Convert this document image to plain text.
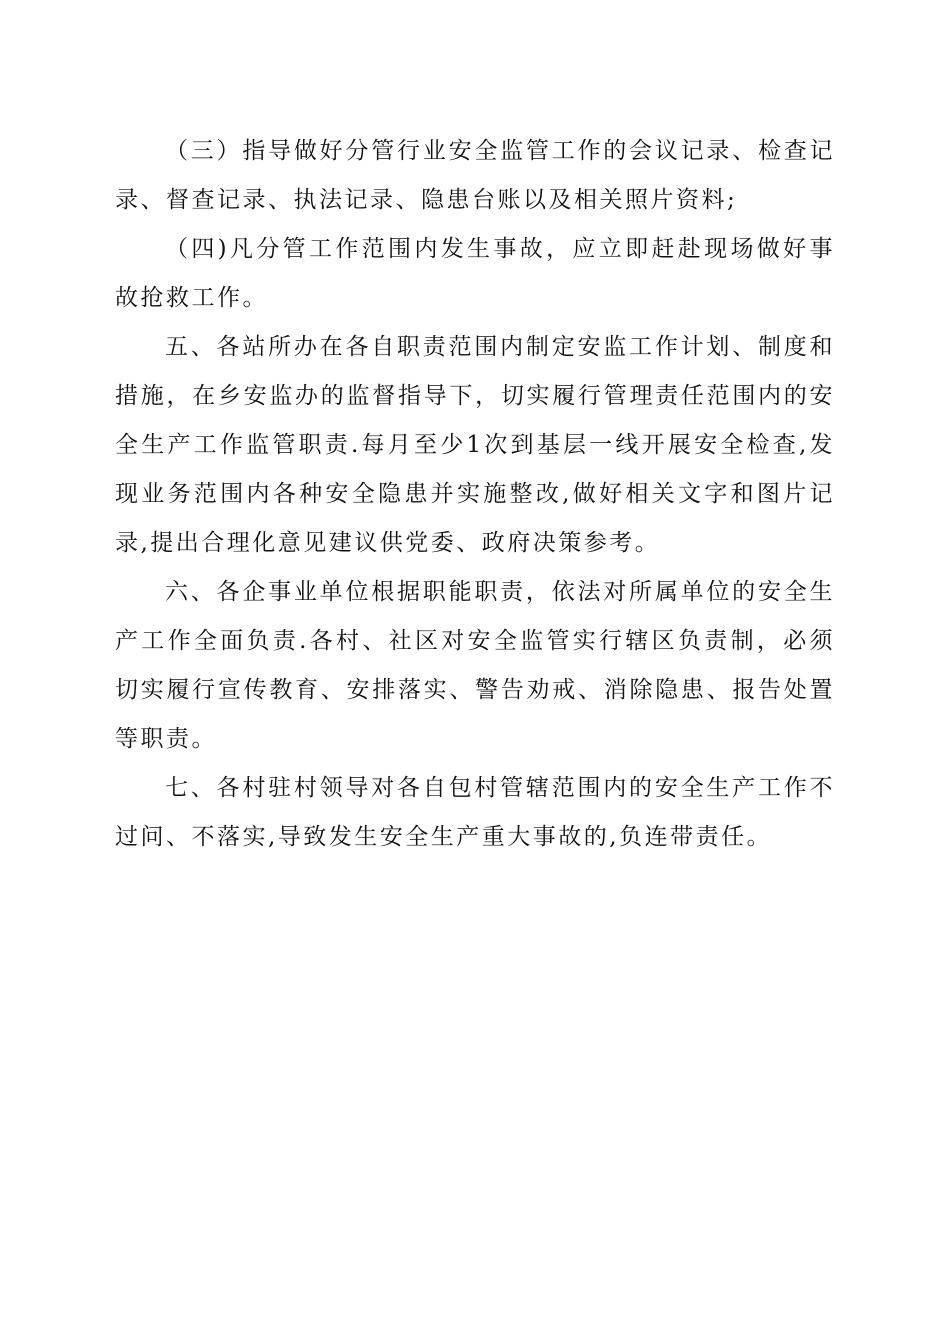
（三）指导做好分管行业安全监管工作的会议记录、检查记录、督查记录、执法记录、隐患台账以及相关照片资料;

（四)凡分管工作范围内发生事故，应立即赶赴现场做好事故抢救工作。

五、各站所办在各自职责范围内制定安监工作计划、制度和措施，在乡安监办的监督指导下，切实履行管理责任范围内的安全生产工作监管职责.每月至少1次到基层一线开展安全检查,发现业务范围内各种安全隐患并实施整改,做好相关文字和图片记录,提出合理化意见建议供党委、政府决策参考。

六、各企事业单位根据职能职责，依法对所属单位的安全生产工作全面负责.各村、社区对安全监管实行辖区负责制，必须切实履行宣传教育、安排落实、警告劝戒、消除隐患、报告处置等职责。

七、各村驻村领导对各自包村管辖范围内的安全生产工作不过问、不落实,导致发生安全生产重大事故的,负连带责任。
